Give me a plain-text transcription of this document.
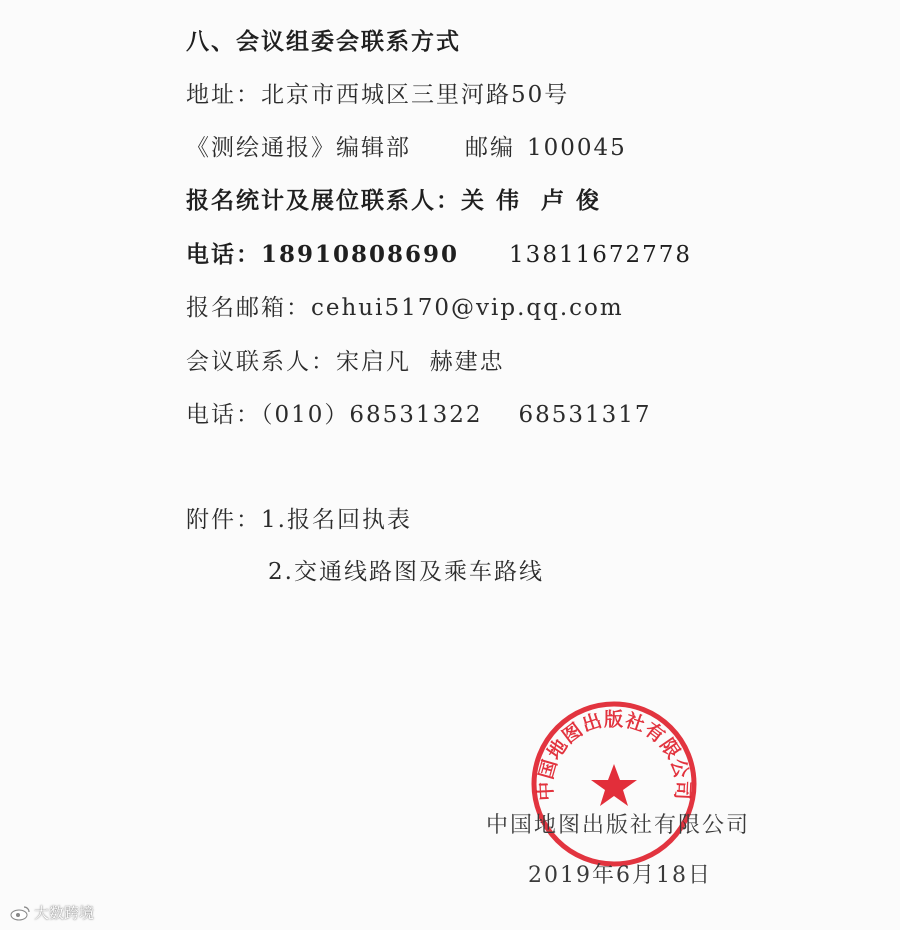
八、会议组委会联系方式
地址：北京市西城区三里河路50号
《测绘通报》编辑部 邮编 100045
报名统计及展位联系人：关 伟  卢 俊
电话：18910808690 13811672778
报名邮箱：cehui5170@vip.qq.com
会议联系人：宋启凡  赫建忠
电话：（010）68531322 68531317
附件：1.报名回执表
2.交通线路图及乘车路线
中国地图出版社有限公司
中国地图出版社有限公司
2019年6月18日
大数跨境
